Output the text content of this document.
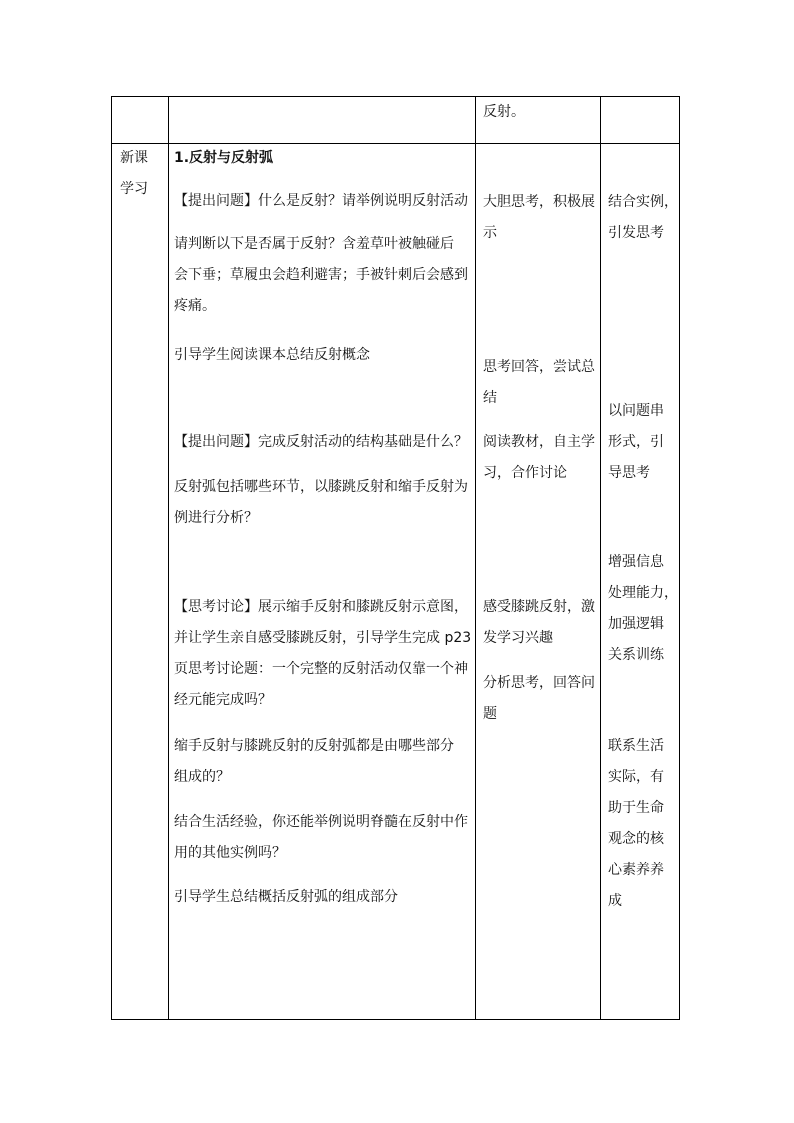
反射。
新课
学习
1.反射与反射弧
【提出问题】什么是反射？请举例说明反射活动
请判断以下是否属于反射？含羞草叶被触碰后
会下垂；草履虫会趋利避害；手被针刺后会感到
疼痛。
引导学生阅读课本总结反射概念
【提出问题】完成反射活动的结构基础是什么？
反射弧包括哪些环节，以膝跳反射和缩手反射为
例进行分析？
【思考讨论】展示缩手反射和膝跳反射示意图，
并让学生亲自感受膝跳反射，引导学生完成 p23
页思考讨论题：一个完整的反射活动仅靠一个神
经元能完成吗？
缩手反射与膝跳反射的反射弧都是由哪些部分
组成的？
结合生活经验，你还能举例说明脊髓在反射中作
用的其他实例吗？
引导学生总结概括反射弧的组成部分
大胆思考，积极展
示
思考回答，尝试总
结
阅读教材，自主学
习，合作讨论
感受膝跳反射，激
发学习兴趣
分析思考，回答问
题
结合实例，
引发思考
以问题串
形式，引
导思考
增强信息
处理能力，
加强逻辑
关系训练
联系生活
实际，有
助于生命
观念的核
心素养养
成
